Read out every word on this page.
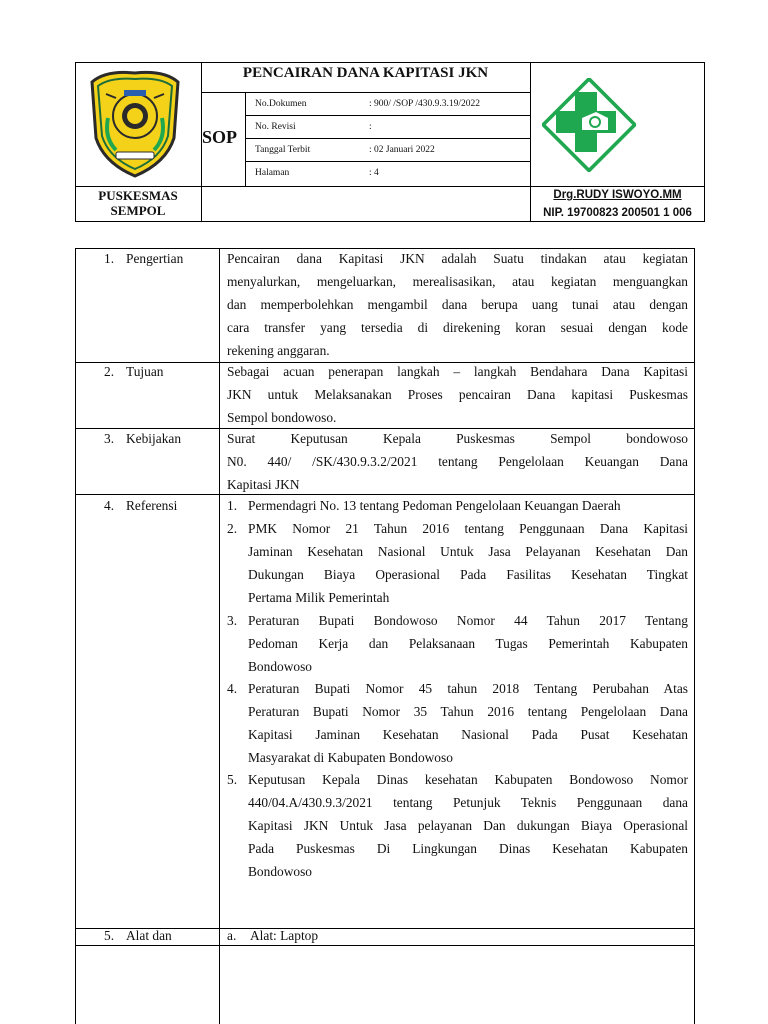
PENCAIRAN DANA KAPITASI JKN
SOP
No.Dokumen	: 900/ /SOP /430.9.3.19/2022
No. Revisi	:
Tanggal Terbit	: 02 Januari 2022
Halaman	: 4
PUSKESMAS
SEMPOL
Drg.RUDY ISWOYO.MM
NIP. 19700823 200501 1 006
1. Pengertian	Pencairan dana Kapitasi JKN adalah Suatu tindakan atau kegiatan
menyalurkan, mengeluarkan, merealisasikan, atau kegiatan menguangkan
dan memperbolehkan mengambil dana berupa uang tunai atau dengan
cara transfer yang tersedia di direkening koran sesuai dengan kode
rekening anggaran.
2. Tujuan	Sebagai acuan penerapan langkah – langkah Bendahara Dana Kapitasi
JKN untuk Melaksanakan Proses pencairan Dana kapitasi Puskesmas
Sempol bondowoso.
3. Kebijakan	Surat Keputusan Kepala Puskesmas Sempol bondowoso
N0. 440/ /SK/430.9.3.2/2021 tentang Pengelolaan Keuangan Dana
Kapitasi JKN
4. Referensi	1. Permendagri No. 13 tentang Pedoman Pengelolaan Keuangan Daerah
2. PMK Nomor 21 Tahun 2016 tentang Penggunaan Dana Kapitasi
Jaminan Kesehatan Nasional Untuk Jasa Pelayanan Kesehatan Dan
Dukungan Biaya Operasional Pada Fasilitas Kesehatan Tingkat
Pertama Milik Pemerintah
3. Peraturan Bupati Bondowoso Nomor 44 Tahun 2017 Tentang
Pedoman Kerja dan Pelaksanaan Tugas Pemerintah Kabupaten
Bondowoso
4. Peraturan Bupati Nomor 45 tahun 2018 Tentang Perubahan Atas
Peraturan Bupati Nomor 35 Tahun 2016 tentang Pengelolaan Dana
Kapitasi Jaminan Kesehatan Nasional Pada Pusat Kesehatan
Masyarakat di Kabupaten Bondowoso
5. Keputusan Kepala Dinas kesehatan Kabupaten Bondowoso Nomor
440/04.A/430.9.3/2021 tentang Petunjuk Teknis Penggunaan dana
Kapitasi JKN Untuk Jasa pelayanan Dan dukungan Biaya Operasional
Pada Puskesmas Di Lingkungan Dinas Kesehatan Kabupaten
Bondowoso
5. Alat dan	a. Alat: Laptop
